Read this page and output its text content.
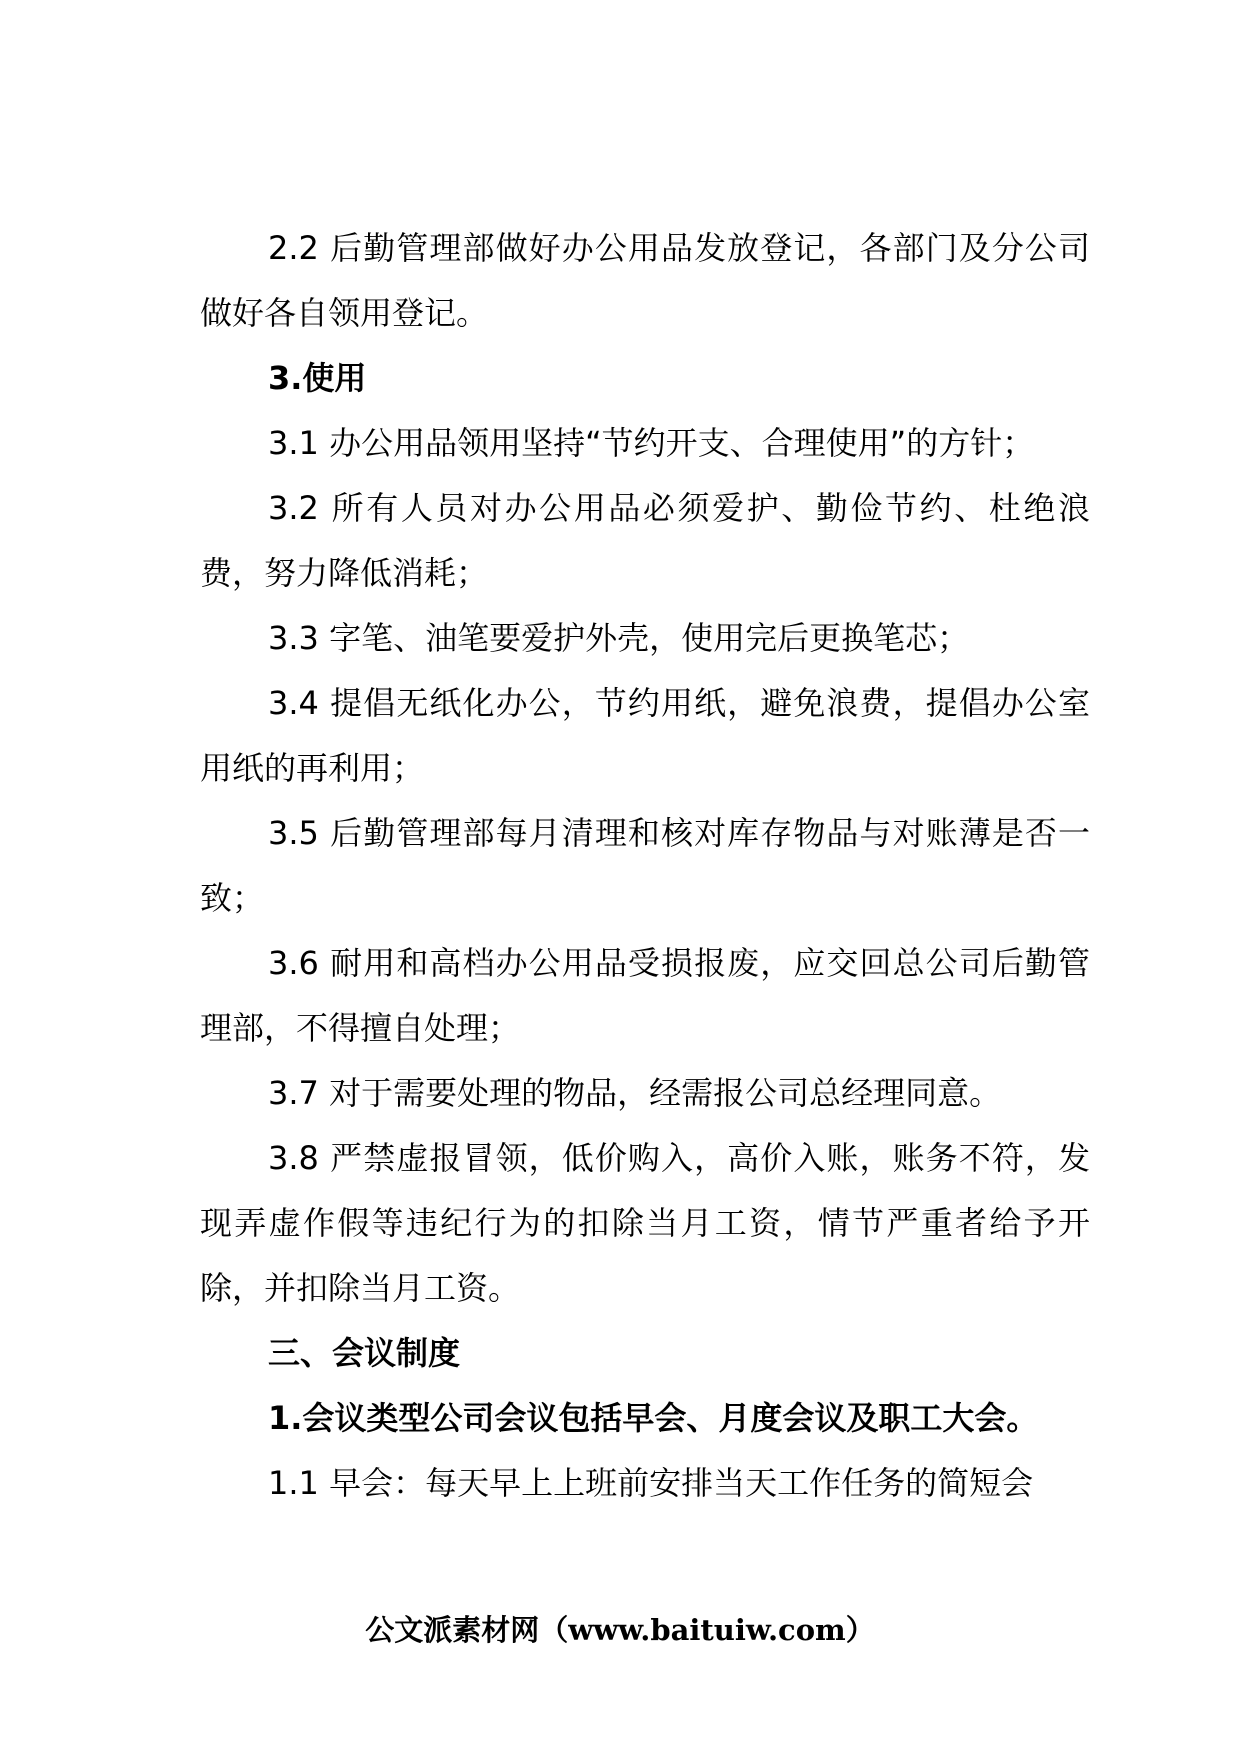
2.2 后勤管理部做好办公用品发放登记，各部门及分公司做好各自领用登记。

3.使用

3.1 办公用品领用坚持“节约开支、合理使用”的方针；

3.2 所有人员对办公用品必须爱护、勤俭节约、杜绝浪费，努力降低消耗；

3.3 字笔、油笔要爱护外壳，使用完后更换笔芯；

3.4 提倡无纸化办公，节约用纸，避免浪费，提倡办公室用纸的再利用；

3.5 后勤管理部每月清理和核对库存物品与对账薄是否一致；

3.6 耐用和高档办公用品受损报废，应交回总公司后勤管理部，不得擅自处理；

3.7 对于需要处理的物品，经需报公司总经理同意。

3.8 严禁虚报冒领，低价购入，高价入账，账务不符，发现弄虚作假等违纪行为的扣除当月工资，情节严重者给予开除，并扣除当月工资。

三、会议制度

1.会议类型公司会议包括早会、月度会议及职工大会。

1.1 早会：每天早上上班前安排当天工作任务的简短会

公文派素材网（www.baituiw.com）
